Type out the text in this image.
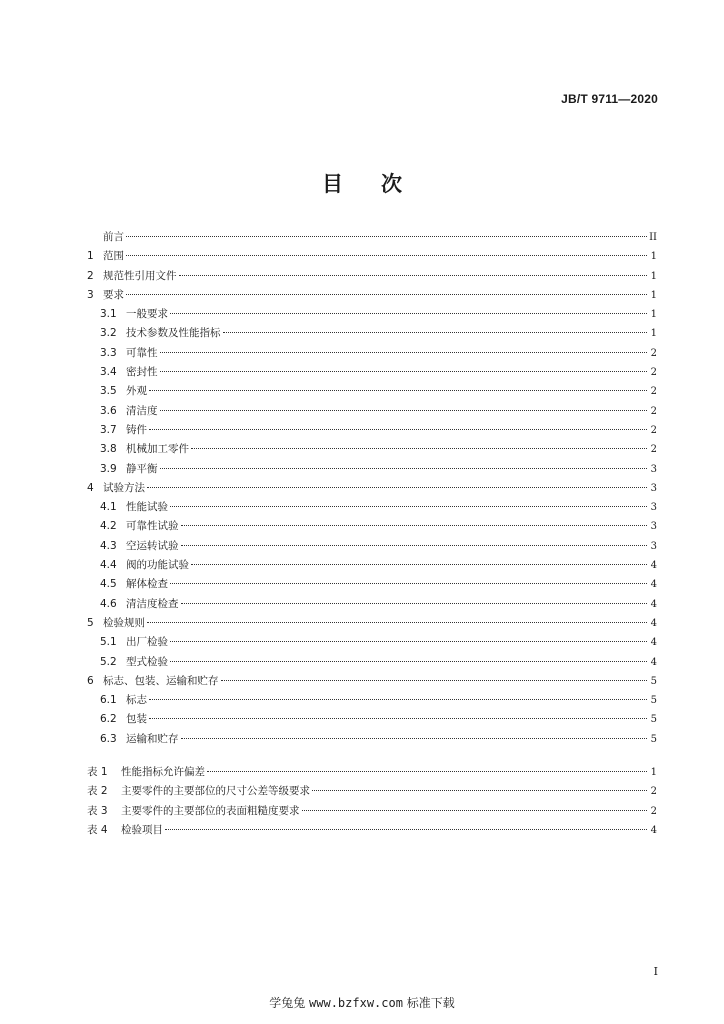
JB/T 9711—2020
目次
前言	II
1 范围	1
2 规范性引用文件	1
3 要求	1
3.1 一般要求	1
3.2 技术参数及性能指标	1
3.3 可靠性	2
3.4 密封性	2
3.5 外观	2
3.6 清洁度	2
3.7 铸件	2
3.8 机械加工零件	2
3.9 静平衡	3
4 试验方法	3
4.1 性能试验	3
4.2 可靠性试验	3
4.3 空运转试验	3
4.4 阀的功能试验	4
4.5 解体检查	4
4.6 清洁度检查	4
5 检验规则	4
5.1 出厂检验	4
5.2 型式检验	4
6 标志、包装、运输和贮存	5
6.1 标志	5
6.2 包装	5
6.3 运输和贮存	5
表 1	性能指标允许偏差	1
表 2	主要零件的主要部位的尺寸公差等级要求	2
表 3	主要零件的主要部位的表面粗糙度要求	2
表 4	检验项目	4
I
学兔兔 www.bzfxw.com 标准下载
